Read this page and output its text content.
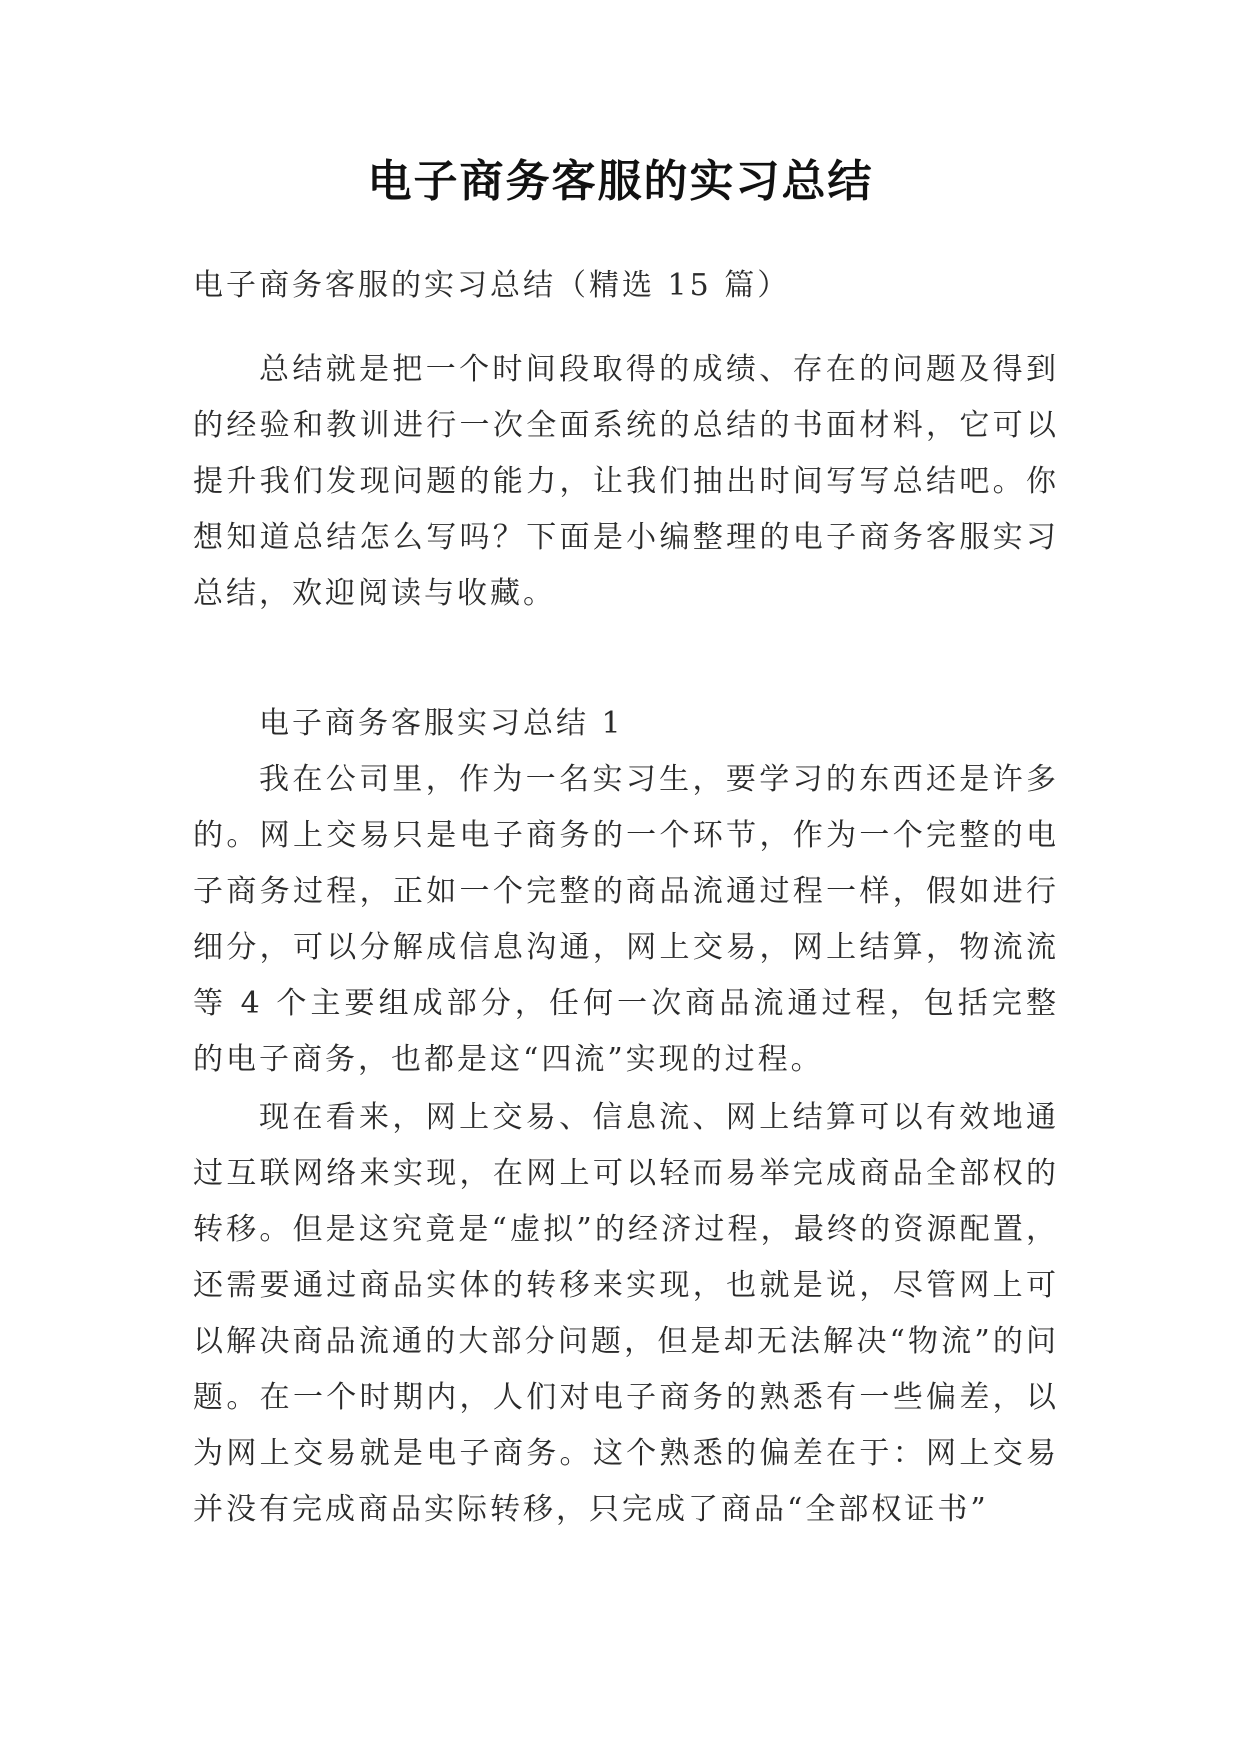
电子商务客服的实习总结
电子商务客服的实习总结（精选 15 篇）
总结就是把一个时间段取得的成绩、存在的问题及得到的经验和教训进行一次全面系统的总结的书面材料，它可以提升我们发现问题的能力，让我们抽出时间写写总结吧。你想知道总结怎么写吗？下面是小编整理的电子商务客服实习总结，欢迎阅读与收藏。
电子商务客服实习总结 1
我在公司里，作为一名实习生，要学习的东西还是许多的。网上交易只是电子商务的一个环节，作为一个完整的电子商务过程，正如一个完整的商品流通过程一样，假如进行细分，可以分解成信息沟通，网上交易，网上结算，物流流等 4 个主要组成部分，任何一次商品流通过程，包括完整的电子商务，也都是这“四流”实现的过程。
现在看来，网上交易、信息流、网上结算可以有效地通过互联网络来实现，在网上可以轻而易举完成商品全部权的转移。但是这究竟是“虚拟”的经济过程，最终的资源配置，还需要通过商品实体的转移来实现，也就是说，尽管网上可以解决商品流通的大部分问题，但是却无法解决“物流”的问题。在一个时期内，人们对电子商务的熟悉有一些偏差，以为网上交易就是电子商务。这个熟悉的偏差在于：网上交易并没有完成商品实际转移，只完成了商品“全部权证书”
